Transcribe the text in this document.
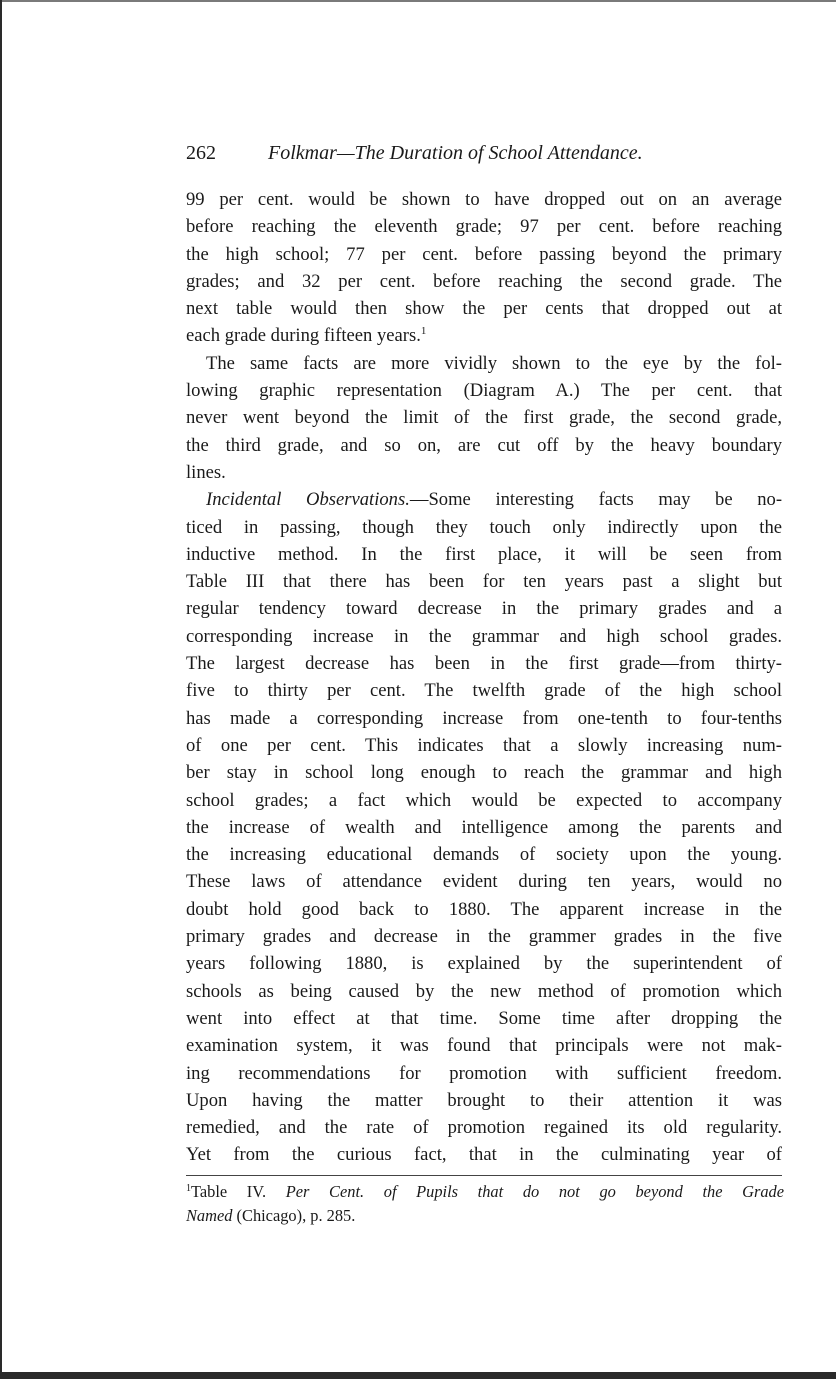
262	Folkmar—The Duration of School Attendance.
99 per cent. would be shown to have dropped out on an average
before reaching the eleventh grade; 97 per cent. before reaching
the high school; 77 per cent. before passing beyond the primary
grades; and 32 per cent. before reaching the second grade. The
next table would then show the per cents that dropped out at
each grade during fifteen years.$^1$
The same facts are more vividly shown to the eye by the fol-
lowing graphic representation (Diagram A.) The per cent. that
never went beyond the limit of the first grade, the second grade,
the third grade, and so on, are cut off by the heavy boundary
lines.
Incidental Observations.—Some interesting facts may be no-
ticed in passing, though they touch only indirectly upon the
inductive method. In the first place, it will be seen from
Table III that there has been for ten years past a slight but
regular tendency toward decrease in the primary grades and a
corresponding increase in the grammar and high school grades.
The largest decrease has been in the first grade—from thirty-
five to thirty per cent. The twelfth grade of the high school
has made a corresponding increase from one-tenth to four-tenths
of one per cent. This indicates that a slowly increasing num-
ber stay in school long enough to reach the grammar and high
school grades; a fact which would be expected to accompany
the increase of wealth and intelligence among the parents and
the increasing educational demands of society upon the young.
These laws of attendance evident during ten years, would no
doubt hold good back to 1880. The apparent increase in the
primary grades and decrease in the grammer grades in the five
years following 1880, is explained by the superintendent of
schools as being caused by the new method of promotion which
went into effect at that time. Some time after dropping the
examination system, it was found that principals were not mak-
ing recommendations for promotion with sufficient freedom.
Upon having the matter brought to their attention it was
remedied, and the rate of promotion regained its old regularity.
Yet from the curious fact, that in the culminating year of
$^1$Table IV. Per Cent. of Pupils that do not go beyond the Grade
Named (Chicago), p. 285.
